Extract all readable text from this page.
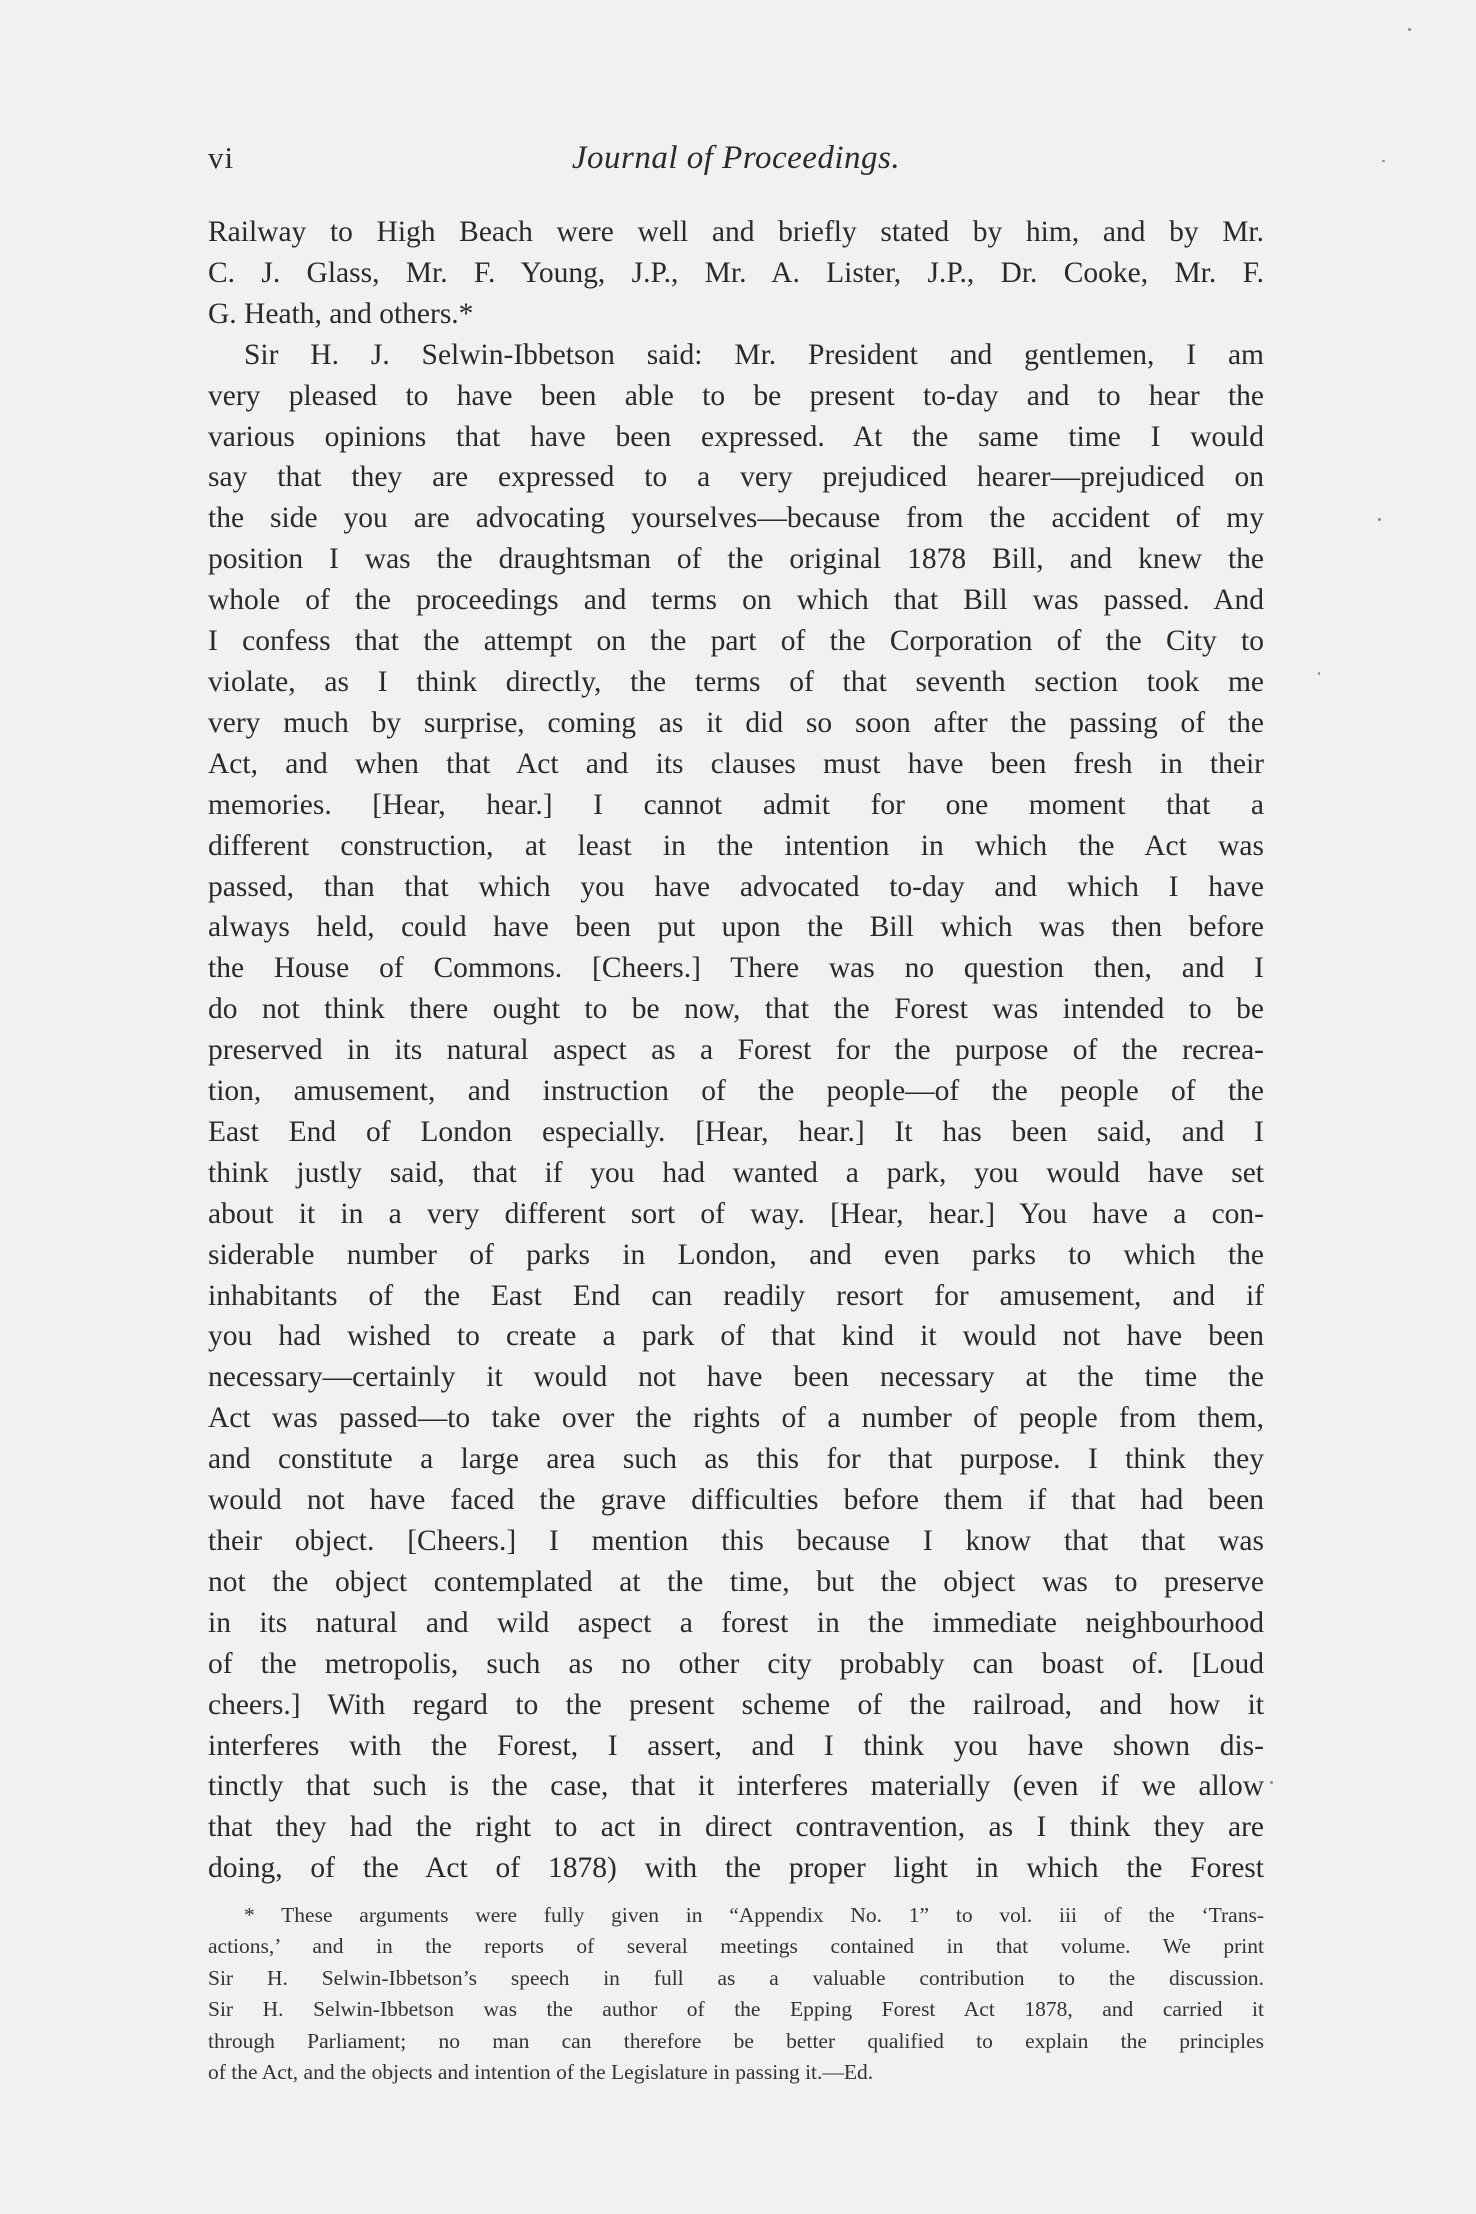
vi	Journal of Proceedings.
Railway to High Beach were well and briefly stated by him, and by Mr.
C. J. Glass, Mr. F. Young, J.P., Mr. A. Lister, J.P., Dr. Cooke, Mr. F.
G. Heath, and others.*
Sir H. J. Selwin-Ibbetson said: Mr. President and gentlemen, I am
very pleased to have been able to be present to-day and to hear the
various opinions that have been expressed. At the same time I would
say that they are expressed to a very prejudiced hearer—prejudiced on
the side you are advocating yourselves—because from the accident of my
position I was the draughtsman of the original 1878 Bill, and knew the
whole of the proceedings and terms on which that Bill was passed. And
I confess that the attempt on the part of the Corporation of the City to
violate, as I think directly, the terms of that seventh section took me
very much by surprise, coming as it did so soon after the passing of the
Act, and when that Act and its clauses must have been fresh in their
memories. [Hear, hear.] I cannot admit for one moment that a
different construction, at least in the intention in which the Act was
passed, than that which you have advocated to-day and which I have
always held, could have been put upon the Bill which was then before
the House of Commons. [Cheers.] There was no question then, and I
do not think there ought to be now, that the Forest was intended to be
preserved in its natural aspect as a Forest for the purpose of the recrea-
tion, amusement, and instruction of the people—of the people of the
East End of London especially. [Hear, hear.] It has been said, and I
think justly said, that if you had wanted a park, you would have set
about it in a very different sort of way. [Hear, hear.] You have a con-
siderable number of parks in London, and even parks to which the
inhabitants of the East End can readily resort for amusement, and if
you had wished to create a park of that kind it would not have been
necessary—certainly it would not have been necessary at the time the
Act was passed—to take over the rights of a number of people from them,
and constitute a large area such as this for that purpose. I think they
would not have faced the grave difficulties before them if that had been
their object. [Cheers.] I mention this because I know that that was
not the object contemplated at the time, but the object was to preserve
in its natural and wild aspect a forest in the immediate neighbourhood
of the metropolis, such as no other city probably can boast of. [Loud
cheers.] With regard to the present scheme of the railroad, and how it
interferes with the Forest, I assert, and I think you have shown dis-
tinctly that such is the case, that it interferes materially (even if we allow
that they had the right to act in direct contravention, as I think they are
doing, of the Act of 1878) with the proper light in which the Forest
* These arguments were fully given in “Appendix No. 1” to vol. iii of the ‘Trans-
actions,’ and in the reports of several meetings contained in that volume. We print
Sir H. Selwin-Ibbetson’s speech in full as a valuable contribution to the discussion.
Sir H. Selwin-Ibbetson was the author of the Epping Forest Act 1878, and carried it
through Parliament; no man can therefore be better qualified to explain the principles
of the Act, and the objects and intention of the Legislature in passing it.—Ed.
